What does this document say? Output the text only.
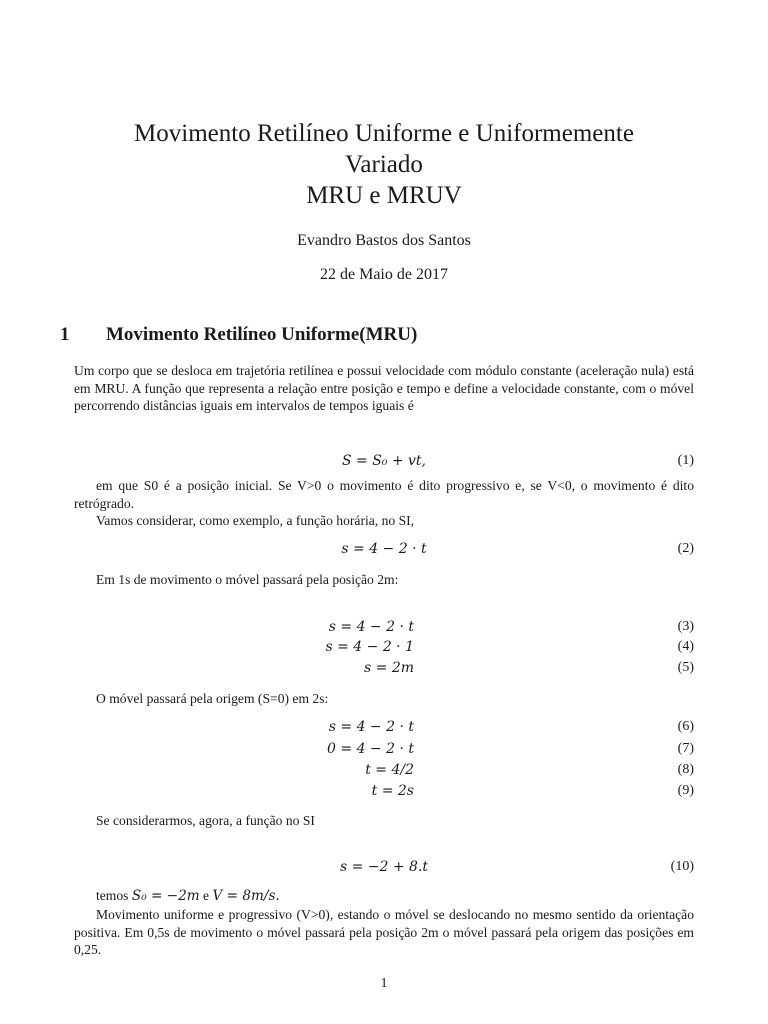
Movimento Retilíneo Uniforme e Uniformemente
Variado
MRU e MRUV
Evandro Bastos dos Santos
22 de Maio de 2017
1 Movimento Retilíneo Uniforme(MRU)
Um corpo que se desloca em trajetória retilínea e possui velocidade com módulo constante (aceleração nula) está em MRU. A função que representa a relação entre posição e tempo e define a velocidade constante, com o móvel percorrendo distâncias iguais em intervalos de tempos iguais é
S = S₀ + vt,	(1)
em que S0 é a posição inicial. Se V>0 o movimento é dito progressivo e, se V<0, o movimento é dito retrógrado.
Vamos considerar, como exemplo, a função horária, no SI,
s = 4 − 2 · t	(2)
Em 1s de movimento o móvel passará pela posição 2m:
s = 4 − 2 · t	(3)
s = 4 − 2 · 1	(4)
s = 2m	(5)
O móvel passará pela origem (S=0) em 2s:
s = 4 − 2 · t	(6)
0 = 4 − 2 · t	(7)
t = 4/2	(8)
t = 2s	(9)
Se considerarmos, agora, a função no SI
s = −2 + 8.t	(10)
temos S₀ = −2m e V = 8m/s.
Movimento uniforme e progressivo (V>0), estando o móvel se deslocando no mesmo sentido da orientação positiva. Em 0,5s de movimento o móvel passará pela posição 2m o móvel passará pela origem das posições em 0,25.
1
